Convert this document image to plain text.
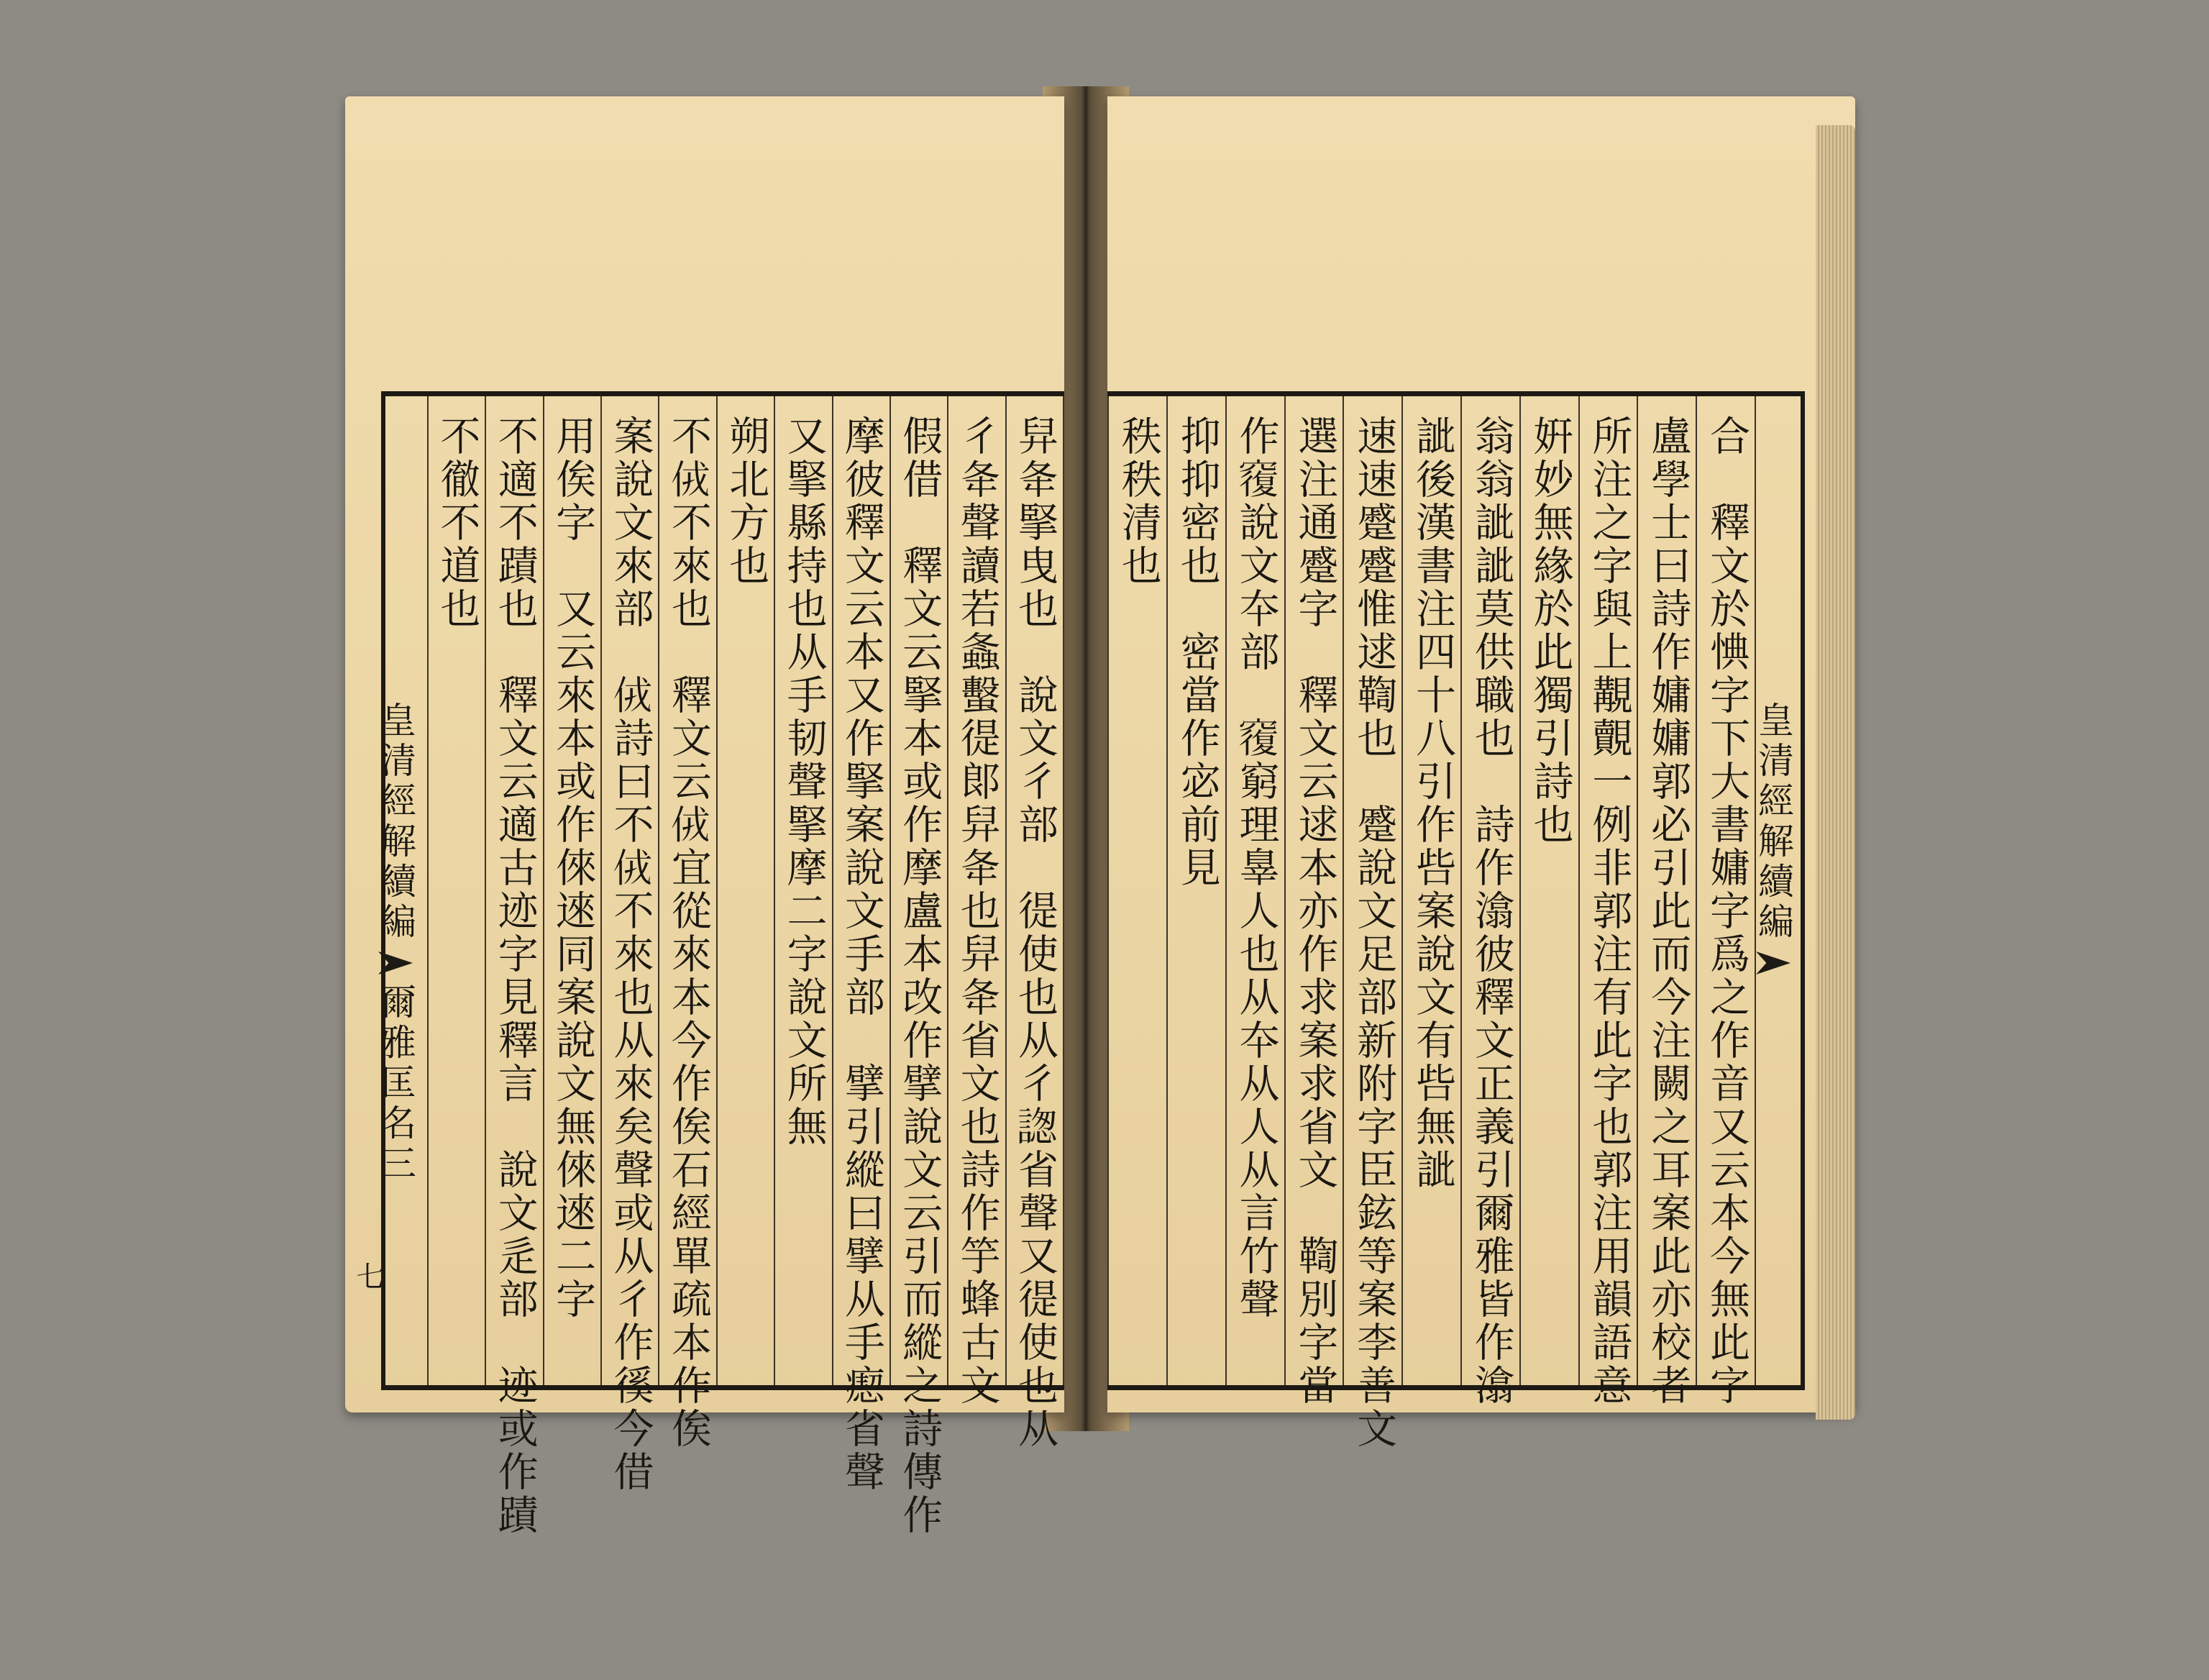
皇清經解續編爾雅匡名三	舁夅掔曳也　說文彳部　徥使也从彳𧩪省聲又徥使也从
彳夅聲讀若螽蟿徥郞舁夅也舁夅省文也詩作竽蜂古文
假借　釋文云掔本或作摩盧本改作擘說文云引而縱之詩傳作
摩彼釋文云本又作掔案說文手部　擘引縱曰擘从手瘛省聲
又掔縣持也从手韧聲掔摩二字說文所無
朔北方也
不𠈋不來也　釋文云𠈋宜從來本今作俟石經單疏本作俟
案說文來部　𠈋詩曰不𠈋不來也从來矣聲或从彳作徯今借
用俟字　又云來本或作倈逨同案說文無倈逨二字
不適不蹟也　釋文云適古迹字見釋言　說文辵部　迹或作蹟
不徹不道也
七
皇清經解續編
合　釋文於㥏字下大書嫞字爲之作音又云本今無此字
盧學士曰詩作嫞嫞郭必引此而今注闕之耳案此亦校者
所注之字與上覯覿一例非郭注有此字也郭注用韻語意
姸妙無緣於此獨引詩也
翁翁訿訿莫供職也　詩作潝彼釋文正義引爾雅皆作潝
訿後漢書注四十八引作呰案說文有呰無訿
速速蹙蹙惟逑鞫也　蹙說文足部新附字臣鉉等案李善文
選注通蹙字　釋文云逑本亦作求案求省文　鞫別字當
作𥨍說文夲部　𥨍窮理辠人也从夲从人从言竹聲
抑抑密也　密當作宓前見
秩秩清也
